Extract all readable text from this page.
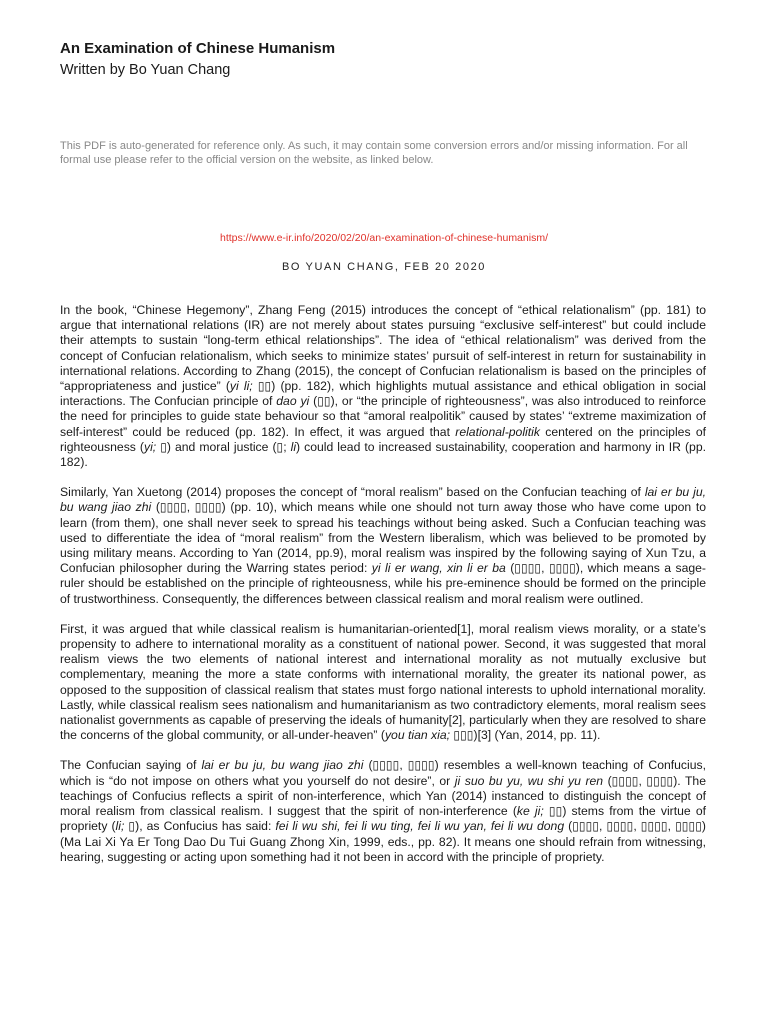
An Examination of Chinese Humanism
Written by Bo Yuan Chang

This PDF is auto-generated for reference only. As such, it may contain some conversion errors and/or missing information. For all formal use please refer to the official version on the website, as linked below.

https://www.e-ir.info/2020/02/20/an-examination-of-chinese-humanism/
BO YUAN CHANG, FEB 20 2020

In the book, “Chinese Hegemony”, Zhang Feng (2015) introduces the concept of “ethical relationalism” (pp. 181) to argue that international relations (IR) are not merely about states pursuing “exclusive self-interest” but could include their attempts to sustain “long-term ethical relationships”. The idea of “ethical relationalism” was derived from the concept of Confucian relationalism, which seeks to minimize states’ pursuit of self-interest in return for sustainability in international relations. According to Zhang (2015), the concept of Confucian relationalism is based on the principles of “appropriateness and justice” (yi li; ▯▯) (pp. 182), which highlights mutual assistance and ethical obligation in social interactions. The Confucian principle of dao yi (▯▯), or “the principle of righteousness”, was also introduced to reinforce the need for principles to guide state behaviour so that “amoral realpolitik” caused by states’ “extreme maximization of self-interest” could be reduced (pp. 182). In effect, it was argued that relational-politik centered on the principles of righteousness (yi; ▯) and moral justice (▯; li) could lead to increased sustainability, cooperation and harmony in IR (pp. 182).

Similarly, Yan Xuetong (2014) proposes the concept of “moral realism” based on the Confucian teaching of lai er bu ju, bu wang jiao zhi (▯▯▯▯, ▯▯▯▯) (pp. 10), which means while one should not turn away those who have come upon to learn (from them), one shall never seek to spread his teachings without being asked. Such a Confucian teaching was used to differentiate the idea of “moral realism” from the Western liberalism, which was believed to be promoted by using military means. According to Yan (2014, pp.9), moral realism was inspired by the following saying of Xun Tzu, a Confucian philosopher during the Warring states period: yi li er wang, xin li er ba (▯▯▯▯, ▯▯▯▯), which means a sage-ruler should be established on the principle of righteousness, while his pre-eminence should be formed on the principle of trustworthiness. Consequently, the differences between classical realism and moral realism were outlined.

First, it was argued that while classical realism is humanitarian-oriented[1], moral realism views morality, or a state’s propensity to adhere to international morality as a constituent of national power. Second, it was suggested that moral realism views the two elements of national interest and international morality as not mutually exclusive but complementary, meaning the more a state conforms with international morality, the greater its national power, as opposed to the supposition of classical realism that states must forgo national interests to uphold international morality. Lastly, while classical realism sees nationalism and humanitarianism as two contradictory elements, moral realism sees nationalist governments as capable of preserving the ideals of humanity[2], particularly when they are resolved to share the concerns of the global community, or all-under-heaven” (you tian xia; ▯▯▯)[3] (Yan, 2014, pp. 11).

The Confucian saying of lai er bu ju, bu wang jiao zhi (▯▯▯▯, ▯▯▯▯) resembles a well-known teaching of Confucius, which is “do not impose on others what you yourself do not desire”, or ji suo bu yu, wu shi yu ren (▯▯▯▯, ▯▯▯▯). The teachings of Confucius reflects a spirit of non-interference, which Yan (2014) instanced to distinguish the concept of moral realism from classical realism. I suggest that the spirit of non-interference (ke ji; ▯▯) stems from the virtue of propriety (li; ▯), as Confucius has said: fei li wu shi, fei li wu ting, fei li wu yan, fei li wu dong (▯▯▯▯, ▯▯▯▯, ▯▯▯▯, ▯▯▯▯) (Ma Lai Xi Ya Er Tong Dao Du Tui Guang Zhong Xin, 1999, eds., pp. 82). It means one should refrain from witnessing, hearing, suggesting or acting upon something had it not been in accord with the principle of propriety.
